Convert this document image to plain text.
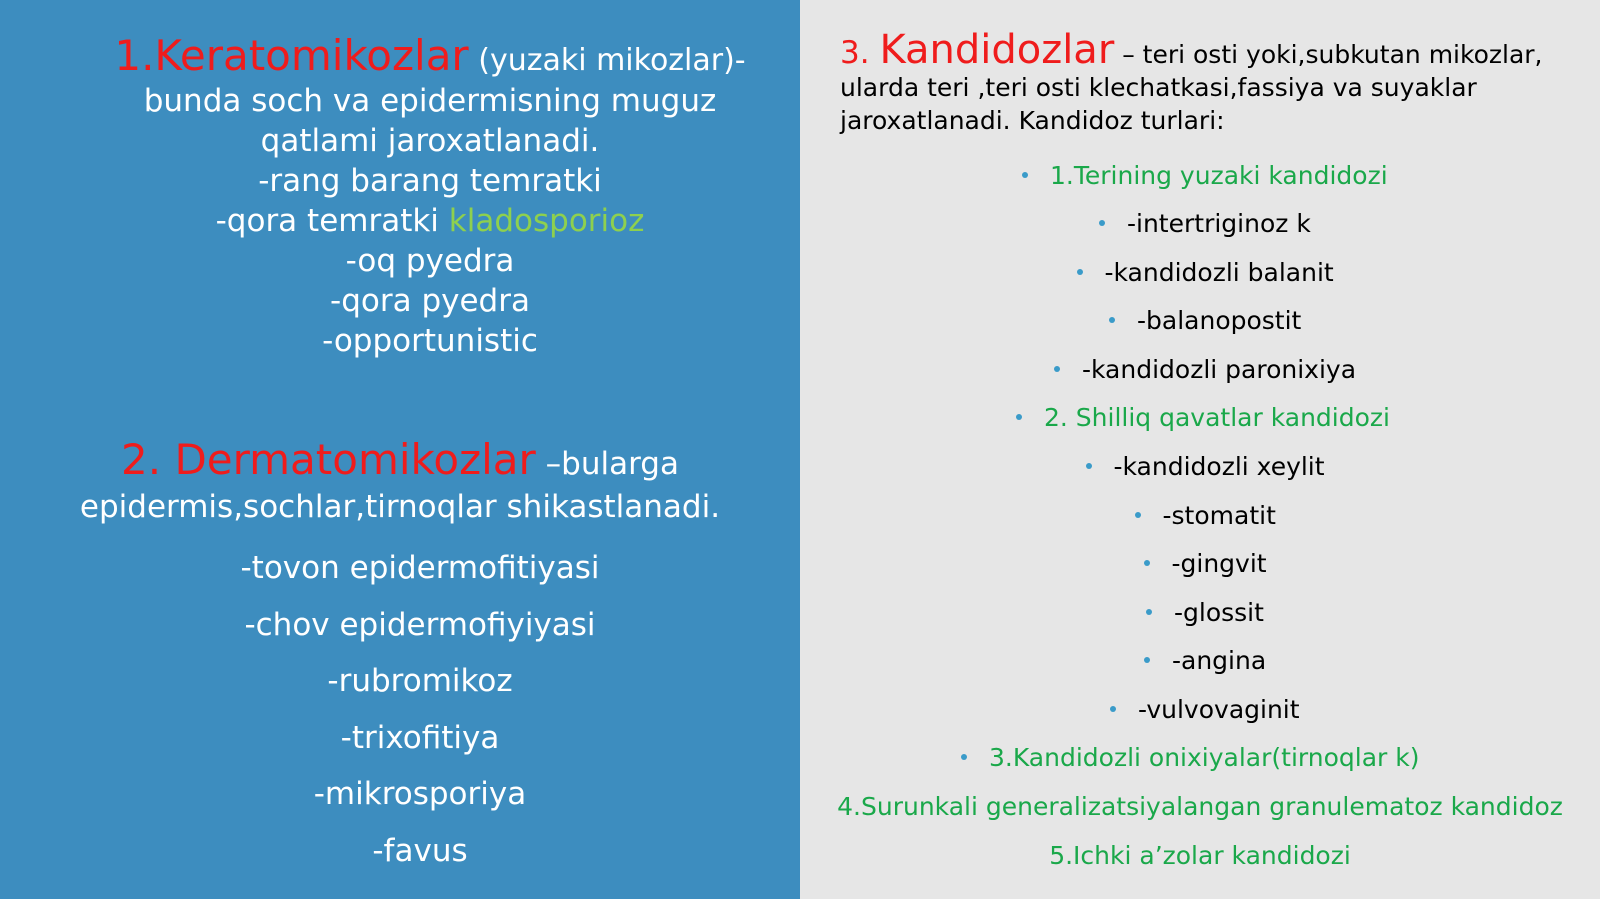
1.Keratomikozlar (yuzaki mikozlar)-
bunda soch va epidermisning muguz
qatlami jaroxatlanadi.
-rang barang temratki
-qora temratki kladosporioz
-oq pyedra
-qora pyedra
-opportunistic
2. Dermatomikozlar –bularga
epidermis,sochlar,tirnoqlar shikastlanadi.
-tovon epidermofitiyasi
-chov epidermofiyiyasi
-rubromikoz
-trixofitiya
-mikrosporiya
-favus
3. Kandidozlar – teri osti yoki,subkutan mikozlar,
ularda teri ,teri osti klechatkasi,fassiya va suyaklar
jaroxatlanadi. Kandidoz turlari:
1.Terining yuzaki kandidozi
-intertriginoz k
-kandidozli balanit
-balanopostit
-kandidozli paronixiya
2. Shilliq qavatlar kandidozi
-kandidozli xeylit
-stomatit
-gingvit
-glossit
-angina
-vulvovaginit
3.Kandidozli onixiyalar(tirnoqlar k)
4.Surunkali generalizatsiyalangan granulematoz kandidoz
5.Ichki a’zolar kandidozi
